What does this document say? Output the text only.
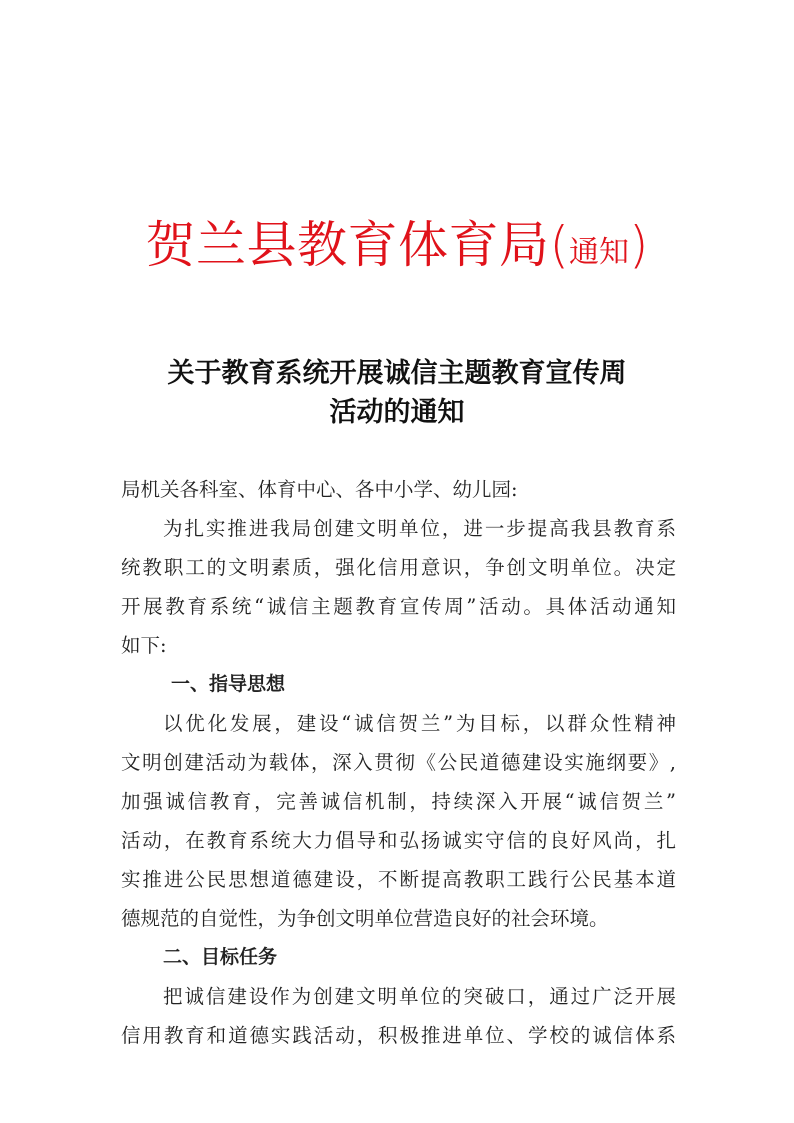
贺兰县教育体育局(通知)
关于教育系统开展诚信主题教育宣传周
活动的通知
局机关各科室、体育中心、各中小学、幼儿园:
为扎实推进我局创建文明单位，进一步提高我县教育系
统教职工的文明素质，强化信用意识，争创文明单位。决定
开展教育系统“诚信主题教育宣传周”活动。具体活动通知
如下:
一、指导思想
以优化发展，建设“诚信贺兰”为目标，以群众性精神
文明创建活动为载体，深入贯彻《公民道德建设实施纲要》,
加强诚信教育，完善诚信机制，持续深入开展“诚信贺兰”
活动，在教育系统大力倡导和弘扬诚实守信的良好风尚，扎
实推进公民思想道德建设，不断提高教职工践行公民基本道
德规范的自觉性，为争创文明单位营造良好的社会环境。
二、目标任务
把诚信建设作为创建文明单位的突破口，通过广泛开展
信用教育和道德实践活动，积极推进单位、学校的诚信体系
